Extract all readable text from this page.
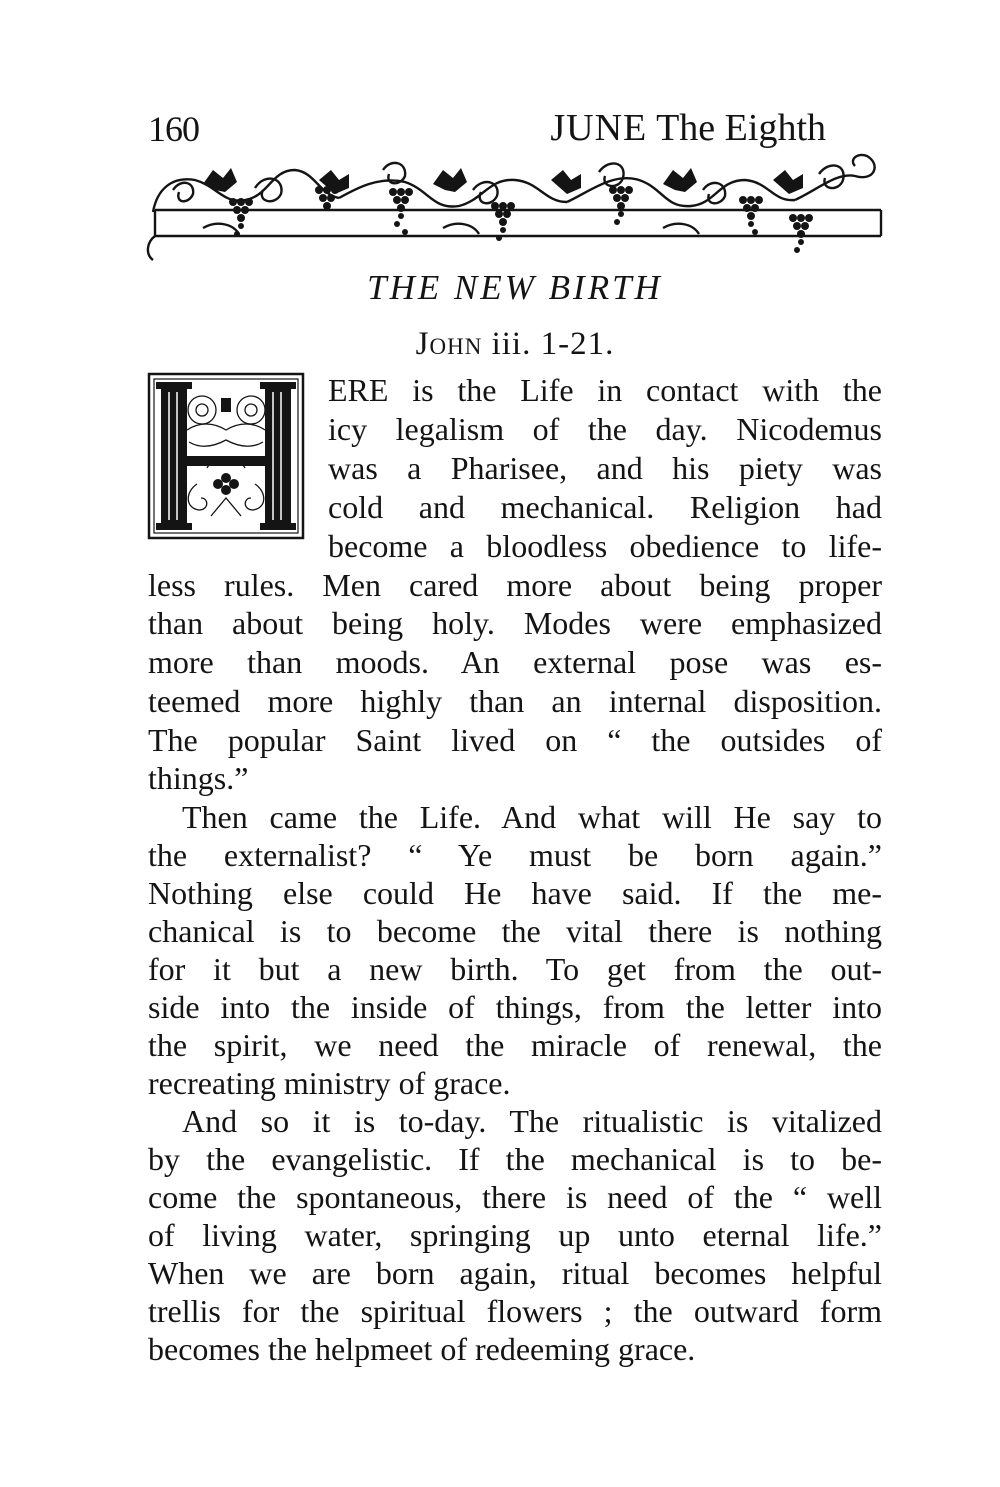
160	JUNE The Eighth
THE NEW BIRTH
John iii. 1-21.
ERE is the Life in contact with the
icy legalism of the day. Nicodemus
was a Pharisee, and his piety was
cold and mechanical. Religion had
become a bloodless obedience to life-
less rules. Men cared more about being proper
than about being holy. Modes were emphasized
more than moods. An external pose was es-
teemed more highly than an internal disposition.
The popular Saint lived on “ the outsides of
things.”
Then came the Life. And what will He say to
the externalist? “ Ye must be born again.”
Nothing else could He have said. If the me-
chanical is to become the vital there is nothing
for it but a new birth. To get from the out-
side into the inside of things, from the letter into
the spirit, we need the miracle of renewal, the
recreating ministry of grace.
And so it is to-day. The ritualistic is vitalized
by the evangelistic. If the mechanical is to be-
come the spontaneous, there is need of the “ well
of living water, springing up unto eternal life.”
When we are born again, ritual becomes helpful
trellis for the spiritual flowers ; the outward form
becomes the helpmeet of redeeming grace.
